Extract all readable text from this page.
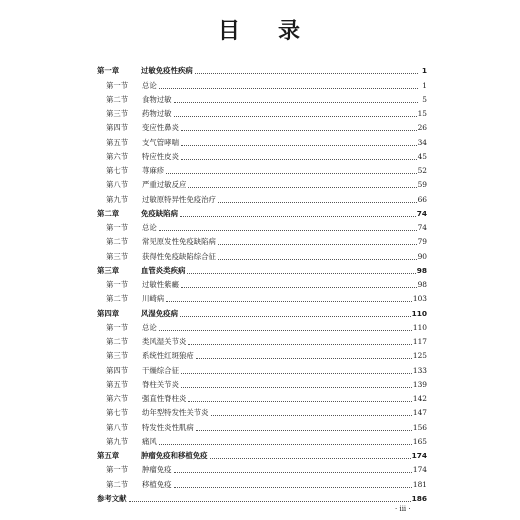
目 录
第一章	过敏免疫性疾病	1
第一节	总论	1
第二节	食物过敏	5
第三节	药物过敏	15
第四节	变应性鼻炎	26
第五节	支气管哮喘	34
第六节	特应性皮炎	45
第七节	荨麻疹	52
第八节	严重过敏反应	59
第九节	过敏原特异性免疫治疗	66
第二章	免疫缺陷病	74
第一节	总论	74
第二节	常见原发性免疫缺陷病	79
第三节	获得性免疫缺陷综合征	90
第三章	血管炎类疾病	98
第一节	过敏性紫癜	98
第二节	川崎病	103
第四章	风湿免疫病	110
第一节	总论	110
第二节	类风湿关节炎	117
第三节	系统性红斑狼疮	125
第四节	干燥综合征	133
第五节	脊柱关节炎	139
第六节	强直性脊柱炎	142
第七节	幼年型特发性关节炎	147
第八节	特发性炎性肌病	156
第九节	痛风	165
第五章	肿瘤免疫和移植免疫	174
第一节	肿瘤免疫	174
第二节	移植免疫	181
参考文献	186
· iii ·
